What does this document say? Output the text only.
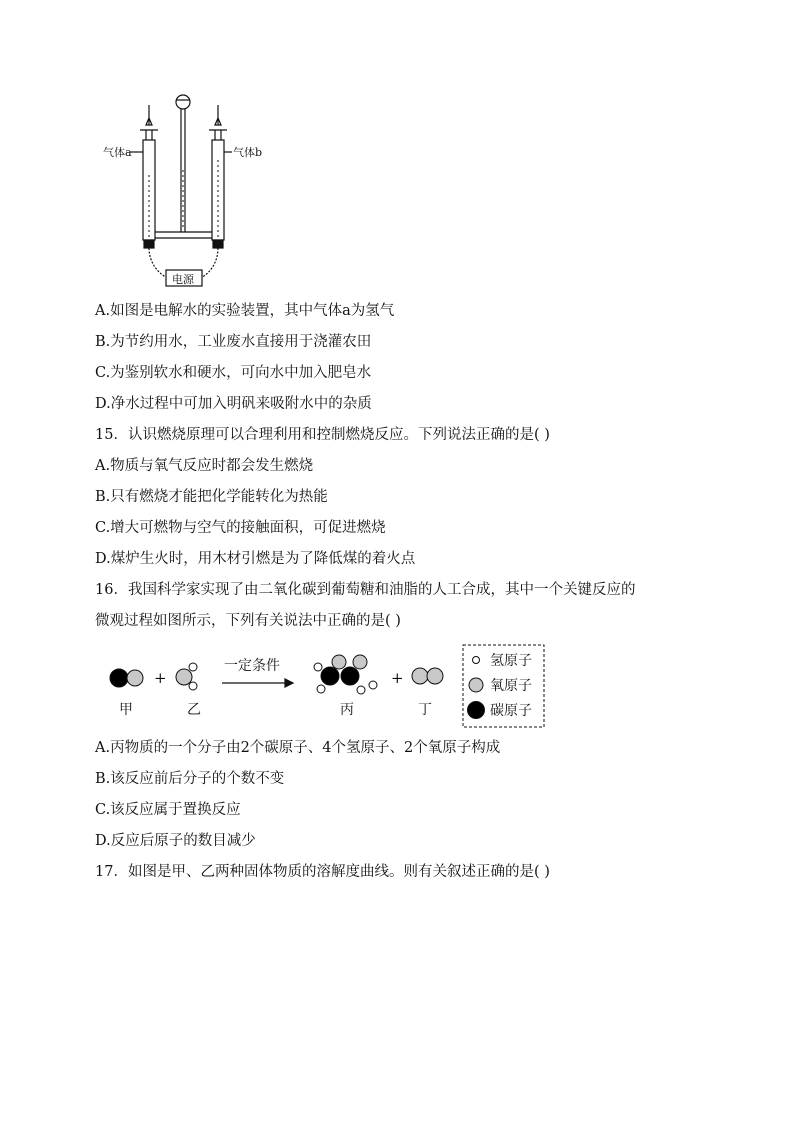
气体a	气体b
电源
A.如图是电解水的实验装置，其中气体a为氢气
B.为节约用水，工业废水直接用于浇灌农田
C.为鉴别软水和硬水，可向水中加入肥皂水
D.净水过程中可加入明矾来吸附水中的杂质
15．认识燃烧原理可以合理利用和控制燃烧反应。下列说法正确的是( )
A.物质与氧气反应时都会发生燃烧
B.只有燃烧才能把化学能转化为热能
C.增大可燃物与空气的接触面积，可促进燃烧
D.煤炉生火时，用木材引燃是为了降低煤的着火点
16．我国科学家实现了由二氧化碳到葡萄糖和油脂的人工合成，其中一个关键反应的
微观过程如图所示，下列有关说法中正确的是( )
+
一定条件
+
甲	乙	丙	丁
氢原子
氧原子
碳原子
A.丙物质的一个分子由2个碳原子、4个氢原子、2个氧原子构成
B.该反应前后分子的个数不变
C.该反应属于置换反应
D.反应后原子的数目减少
17．如图是甲、乙两种固体物质的溶解度曲线。则有关叙述正确的是( )
